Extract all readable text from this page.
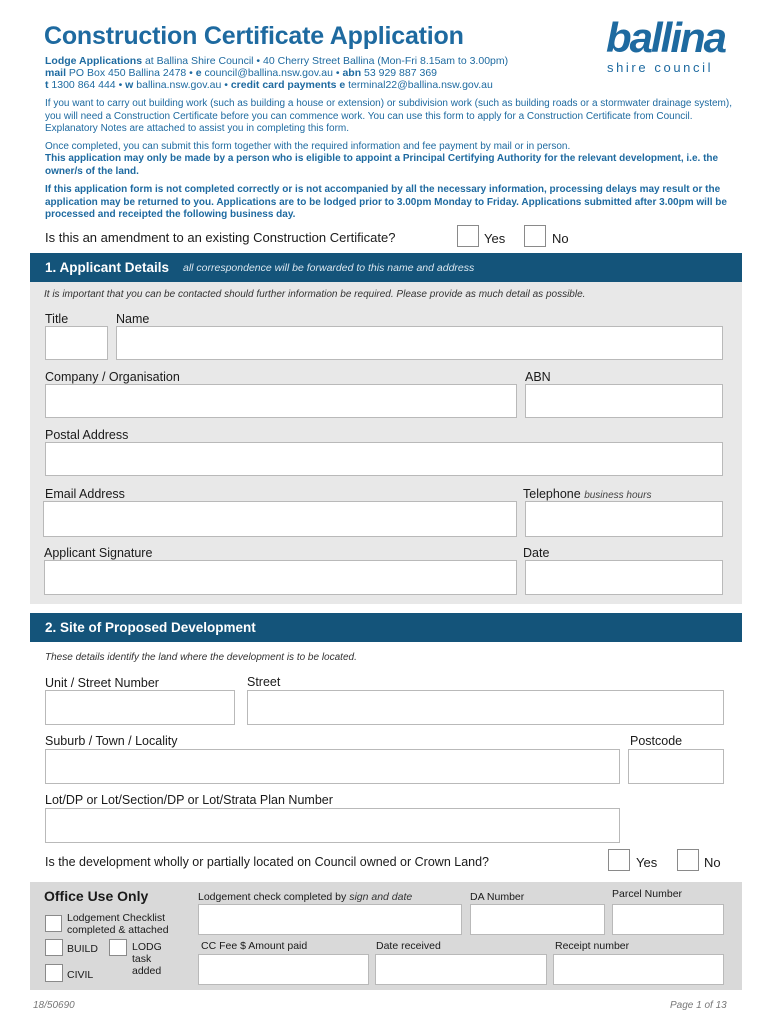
Construction Certificate Application	ballina
shire council
Lodge Applications at Ballina Shire Council • 40 Cherry Street Ballina (Mon-Fri 8.15am to 3.00pm)
mail PO Box 450 Ballina 2478 • e council@ballina.nsw.gov.au • abn 53 929 887 369
t 1300 864 444 • w ballina.nsw.gov.au • credit card payments e terminal22@ballina.nsw.gov.au
If you want to carry out building work (such as building a house or extension) or subdivision work (such as building roads or a stormwater drainage system), you will need a Construction Certificate before you can commence work. You can use this form to apply for a Construction Certificate from Council. Explanatory Notes are attached to assist you in completing this form.
Once completed, you can submit this form together with the required information and fee payment by mail or in person.
This application may only be made by a person who is eligible to appoint a Principal Certifying Authority for the relevant development, i.e. the owner/s of the land.
If this application form is not completed correctly or is not accompanied by all the necessary information, processing delays may result or the application may be returned to you. Applications are to be lodged prior to 3.00pm Monday to Friday. Applications submitted after 3.00pm will be processed and receipted the following business day.
Is this an amendment to an existing Construction Certificate?	Yes	No
1. Applicant Details all correspondence will be forwarded to this name and address
It is important that you can be contacted should further information be required. Please provide as much detail as possible.
Title	Name
Company / Organisation	ABN
Postal Address
Email Address	Telephone business hours
Applicant Signature	Date
2. Site of Proposed Development
These details identify the land where the development is to be located.
Unit / Street Number	Street
Suburb / Town / Locality	Postcode
Lot/DP or Lot/Section/DP or Lot/Strata Plan Number
Is the development wholly or partially located on Council owned or Crown Land?	Yes	No
Office Use Only	Lodgement check completed by sign and date	DA Number	Parcel Number
Lodgement Checklist completed & attached
BUILD	LODG task added
CIVIL
CC Fee $ Amount paid	Date received	Receipt number
18/50690	Page 1 of 13
